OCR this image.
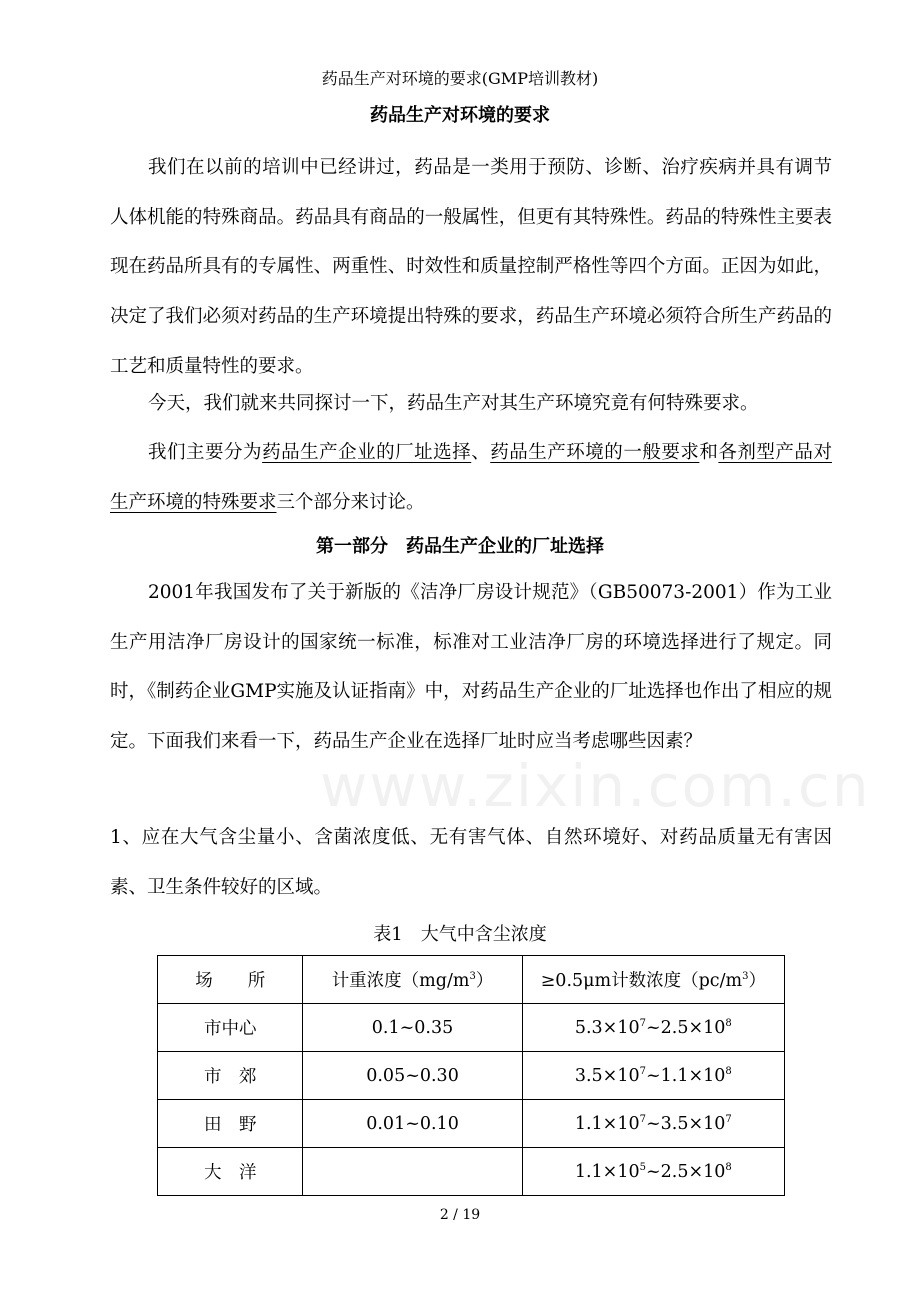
药品生产对环境的要求(GMP培训教材)
药品生产对环境的要求

我们在以前的培训中已经讲过，药品是一类用于预防、诊断、治疗疾病并具有调节人体机能的特殊商品。药品具有商品的一般属性，但更有其特殊性。药品的特殊性主要表现在药品所具有的专属性、两重性、时效性和质量控制严格性等四个方面。正因为如此，决定了我们必须对药品的生产环境提出特殊的要求，药品生产环境必须符合所生产药品的工艺和质量特性的要求。

今天，我们就来共同探讨一下，药品生产对其生产环境究竟有何特殊要求。

我们主要分为药品生产企业的厂址选择、药品生产环境的一般要求和各剂型产品对生产环境的特殊要求三个部分来讨论。

第一部分　药品生产企业的厂址选择

2001年我国发布了关于新版的《洁净厂房设计规范》（GB50073-2001）作为工业生产用洁净厂房设计的国家统一标准，标准对工业洁净厂房的环境选择进行了规定。同时，《制药企业GMP实施及认证指南》中，对药品生产企业的厂址选择也作出了相应的规定。下面我们来看一下，药品生产企业在选择厂址时应当考虑哪些因素？

1、应在大气含尘量小、含菌浓度低、无有害气体、自然环境好、对药品质量无有害因素、卫生条件较好的区域。

表1　大气中含尘浓度
场　　所	计重浓度$(mg/m^3)$	≥0.5μm计数浓度$(pc/m^3)$
市中心	0.1~0.35	$5.3\times 10^7\sim 2.5\times 10^8$
市　郊	0.05~0.30	$3.5\times 10^7\sim 1.1\times 10^8$
田　野	0.01~0.10	$1.1\times 10^7\sim 3.5\times 10^7$
大　洋		$1.1\times 10^5\sim 2.5\times 10^8$
www.zixin.com.cn
2 / 19
